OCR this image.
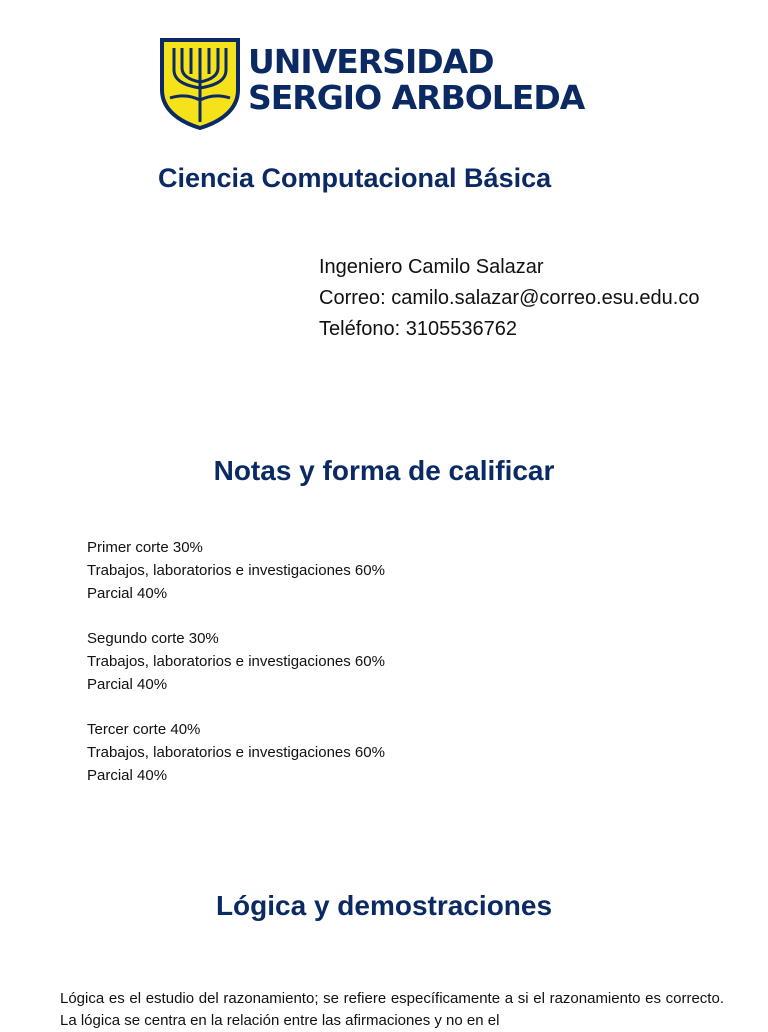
UNIVERSIDAD
SERGIO ARBOLEDA
Ciencia Computacional Básica
Ingeniero Camilo Salazar
Correo: camilo.salazar@correo.esu.edu.co
Teléfono: 3105536762
Notas y forma de calificar
Primer corte 30%
Trabajos, laboratorios e investigaciones 60%
Parcial 40%
Segundo corte 30%
Trabajos, laboratorios e investigaciones 60%
Parcial 40%
Tercer corte 40%
Trabajos, laboratorios e investigaciones 60%
Parcial 40%
Lógica y demostraciones
Lógica es el estudio del razonamiento; se refiere específicamente a si el razonamiento es correcto. La lógica se centra en la relación entre las afirmaciones y no en el
